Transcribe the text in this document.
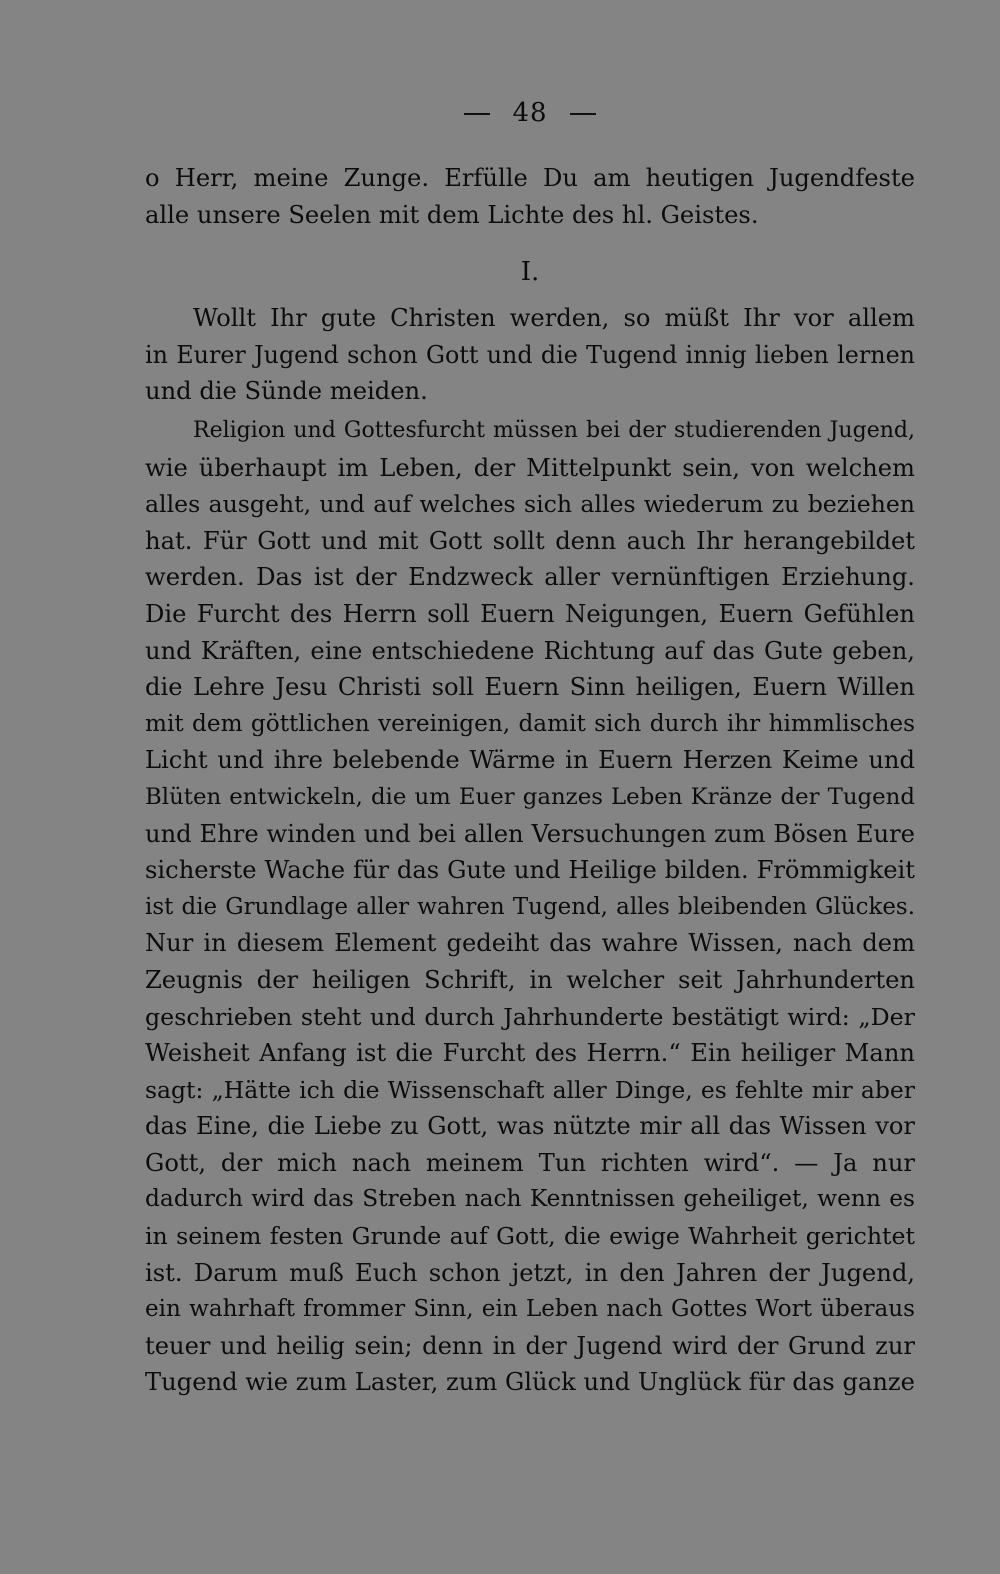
48
o Herr, meine Zunge. Erfülle Du am heutigen Jugendfeste
alle unsere Seelen mit dem Lichte des hl. Geistes.
I.
Wollt Ihr gute Christen werden, so müßt Ihr vor allem
in Eurer Jugend schon Gott und die Tugend innig lieben lernen
und die Sünde meiden.
Religion und Gottesfurcht müssen bei der studierenden Jugend,
wie überhaupt im Leben, der Mittelpunkt sein, von welchem
alles ausgeht, und auf welches sich alles wiederum zu beziehen
hat. Für Gott und mit Gott sollt denn auch Ihr herangebildet
werden. Das ist der Endzweck aller vernünftigen Erziehung.
Die Furcht des Herrn soll Euern Neigungen, Euern Gefühlen
und Kräften, eine entschiedene Richtung auf das Gute geben,
die Lehre Jesu Christi soll Euern Sinn heiligen, Euern Willen
mit dem göttlichen vereinigen, damit sich durch ihr himmlisches
Licht und ihre belebende Wärme in Euern Herzen Keime und
Blüten entwickeln, die um Euer ganzes Leben Kränze der Tugend
und Ehre winden und bei allen Versuchungen zum Bösen Eure
sicherste Wache für das Gute und Heilige bilden. Frömmigkeit
ist die Grundlage aller wahren Tugend, alles bleibenden Glückes.
Nur in diesem Element gedeiht das wahre Wissen, nach dem
Zeugnis der heiligen Schrift, in welcher seit Jahrhunderten
geschrieben steht und durch Jahrhunderte bestätigt wird: „Der
Weisheit Anfang ist die Furcht des Herrn.“ Ein heiliger Mann
sagt: „Hätte ich die Wissenschaft aller Dinge, es fehlte mir aber
das Eine, die Liebe zu Gott, was nützte mir all das Wissen vor
Gott, der mich nach meinem Tun richten wird“. — Ja nur
dadurch wird das Streben nach Kenntnissen geheiliget, wenn es
in seinem festen Grunde auf Gott, die ewige Wahrheit gerichtet
ist. Darum muß Euch schon jetzt, in den Jahren der Jugend,
ein wahrhaft frommer Sinn, ein Leben nach Gottes Wort überaus
teuer und heilig sein; denn in der Jugend wird der Grund zur
Tugend wie zum Laster, zum Glück und Unglück für das ganze
